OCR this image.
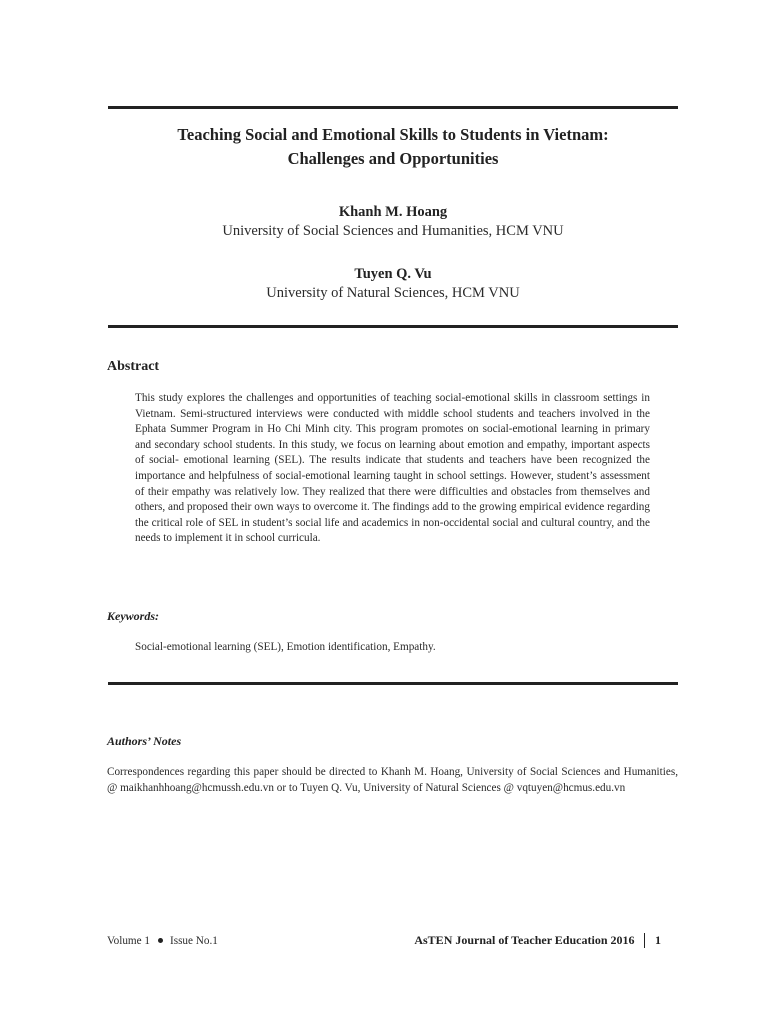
Teaching Social and Emotional Skills to Students in Vietnam:
Challenges and Opportunities
Khanh M. Hoang
University of Social Sciences and Humanities, HCM VNU
Tuyen Q. Vu
University of Natural Sciences, HCM VNU
Abstract
This study explores the challenges and opportunities of teaching social-emotional skills in classroom settings in Vietnam. Semi-structured interviews were conducted with middle school students and teachers involved in the Ephata Summer Program in Ho Chi Minh city. This program promotes on social-emotional learning in primary and secondary school students. In this study, we focus on learning about emotion and empathy, important aspects of social- emotional learning (SEL). The results indicate that students and teachers have been recognized the importance and helpfulness of social-emotional learning taught in school settings. However, student’s assessment of their empathy was relatively low. They realized that there were difficulties and obstacles from themselves and others, and proposed their own ways to overcome it. The findings add to the growing empirical evidence regarding the critical role of SEL in student’s social life and academics in non-occidental social and cultural country, and the needs to implement it in school curricula.
Keywords:
Social-emotional learning (SEL), Emotion identification, Empathy.
Authors’ Notes
Correspondences regarding this paper should be directed to Khanh M. Hoang, University of Social Sciences and Humanities, @ maikhanhhoang@hcmussh.edu.vn or to Tuyen Q. Vu, University of Natural Sciences @ vqtuyen@hcmus.edu.vn
Volume 1 Issue No.1	AsTEN Journal of Teacher Education 2016 1
